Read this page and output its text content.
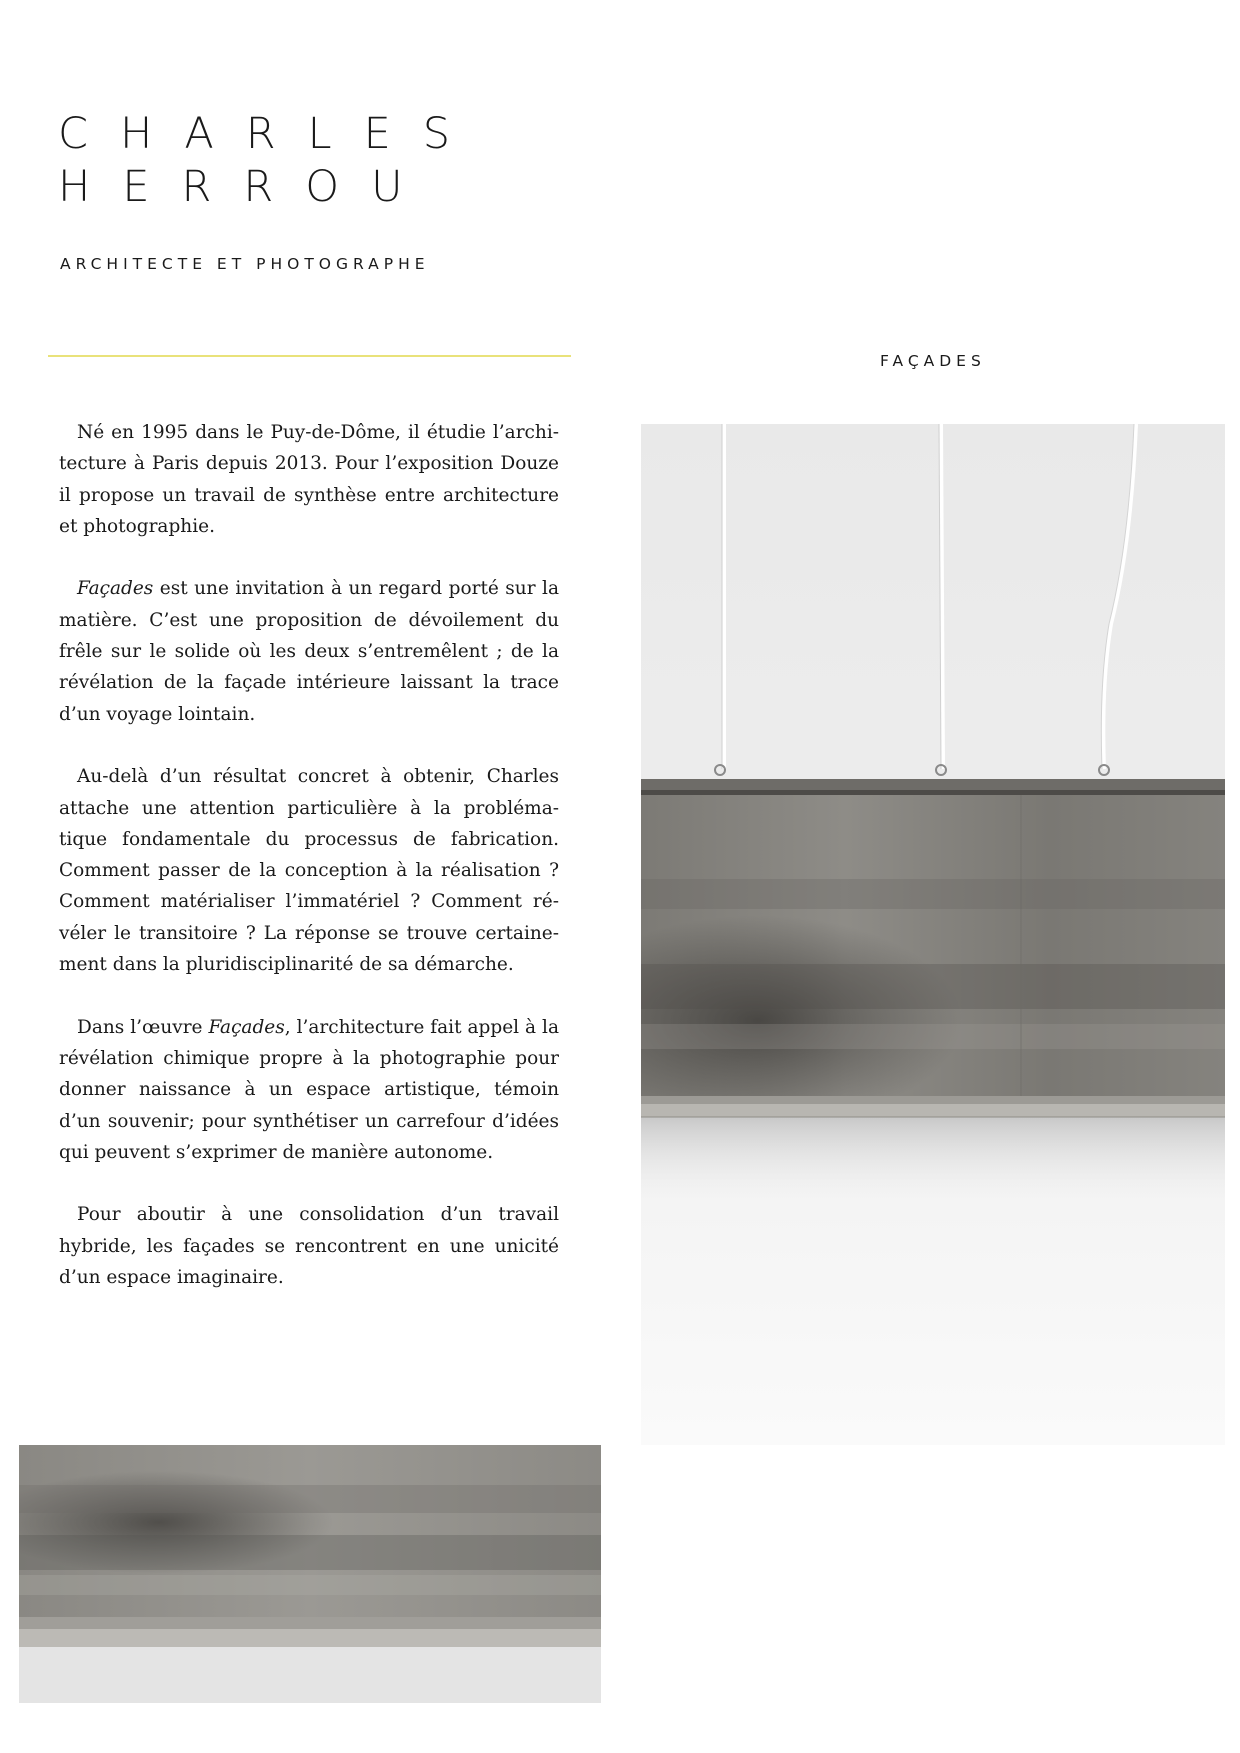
CHARLES
HERROU
ARCHITECTE ET PHOTOGRAPHE
FAÇADES

Né en 1995 dans le Puy-de-Dôme, il étudie l’architecture à Paris depuis 2013. Pour l’exposition Douze il propose un travail de synthèse entre architecture et photographie.

Façades est une invitation à un regard porté sur la matière. C’est une proposition de dévoilement du frêle sur le solide où les deux s’entremêlent ; de la révélation de la façade intérieure laissant la trace d’un voyage lointain.

Au-delà d’un résultat concret à obtenir, Charles attache une attention particulière à la problématique fondamentale du processus de fabrication. Comment passer de la conception à la réalisation ? Comment matérialiser l’immatériel ? Comment révéler le transitoire ? La réponse se trouve certainement dans la pluridisciplinarité de sa démarche.

Dans l’œuvre Façades, l’architecture fait appel à la révélation chimique propre à la photographie pour donner naissance à un espace artistique, témoin d’un souvenir; pour synthétiser un carrefour d’idées qui peuvent s’exprimer de manière autonome.

Pour aboutir à une consolidation d’un travail hybride, les façades se rencontrent en une unicité d’un espace imaginaire.
